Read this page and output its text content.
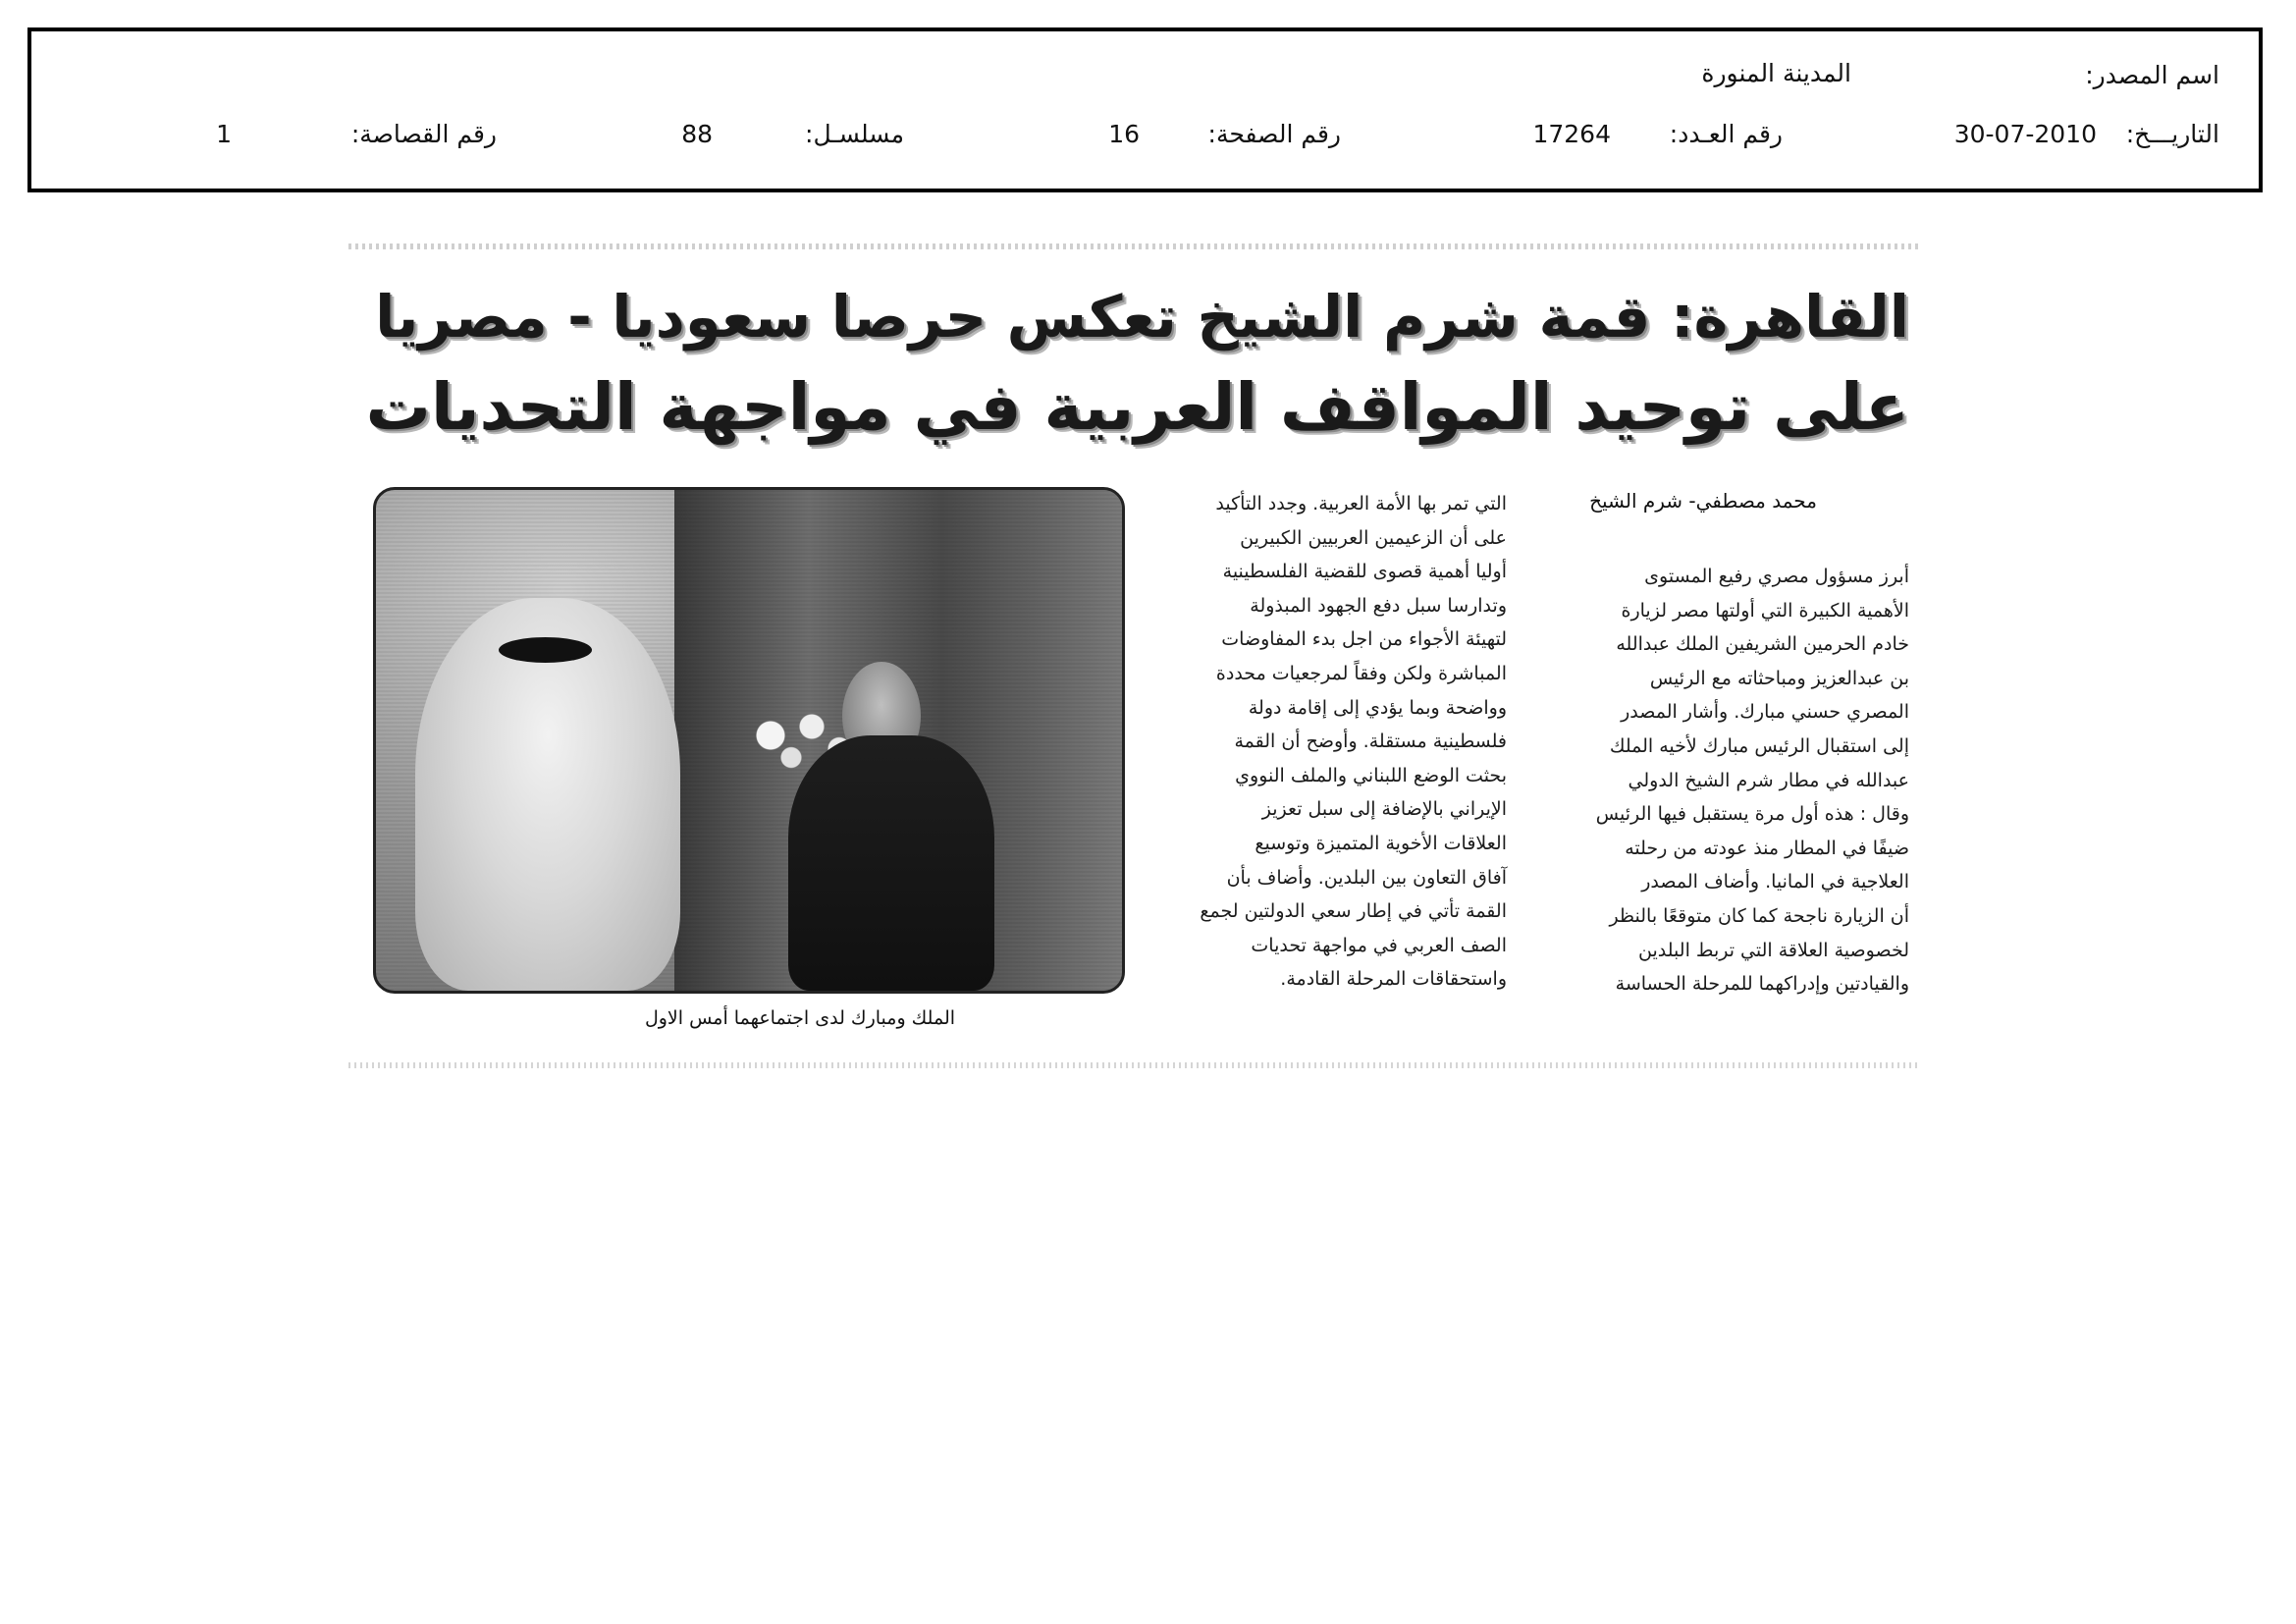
اسم المصدر:
المدينة المنورة
التاريـــخ:
30-07-2010
رقم العـدد:
17264
رقم الصفحة:
16
مسلسـل:
88
رقم القصاصة:
1
القاهرة: قمة شرم الشيخ تعكس حرصا سعوديا - مصريا
على توحيد المواقف العربية في مواجهة التحديات
محمد مصطفي- شرم الشيخ
أبرز مسؤول مصري رفيع المستوى
الأهمية الكبيرة التي أولتها مصر لزيارة
خادم الحرمين الشريفين الملك عبدالله
بن عبدالعزيز ومباحثاته مع الرئيس
المصري حسني مبارك. وأشار المصدر
إلى استقبال الرئيس مبارك لأخيه الملك
عبدالله في مطار شرم الشيخ الدولي
وقال : هذه أول مرة يستقبل فيها الرئيس
ضيفًا في المطار منذ عودته من رحلته
العلاجية في المانيا. وأضاف المصدر
أن الزيارة ناجحة كما كان متوقعًا بالنظر
لخصوصية العلاقة التي تربط البلدين
والقيادتين وإدراكهما للمرحلة الحساسة
التي تمر بها الأمة العربية. وجدد التأكيد
على أن الزعيمين العربيين الكبيرين
أوليا أهمية قصوى للقضية الفلسطينية
وتدارسا سبل دفع الجهود المبذولة
لتهيئة الأجواء من اجل بدء المفاوضات
المباشرة ولكن وفقاً لمرجعيات محددة
وواضحة وبما يؤدي إلى إقامة دولة
فلسطينية مستقلة. وأوضح أن القمة
بحثت الوضع اللبناني والملف النووي
الإيراني بالإضافة إلى سبل تعزيز
العلاقات الأخوية المتميزة وتوسيع
آفاق التعاون بين البلدين. وأضاف بأن
القمة تأتي في إطار سعي الدولتين لجمع
الصف العربي في مواجهة تحديات
واستحقاقات المرحلة القادمة.
الملك ومبارك لدى اجتماعهما أمس الاول
